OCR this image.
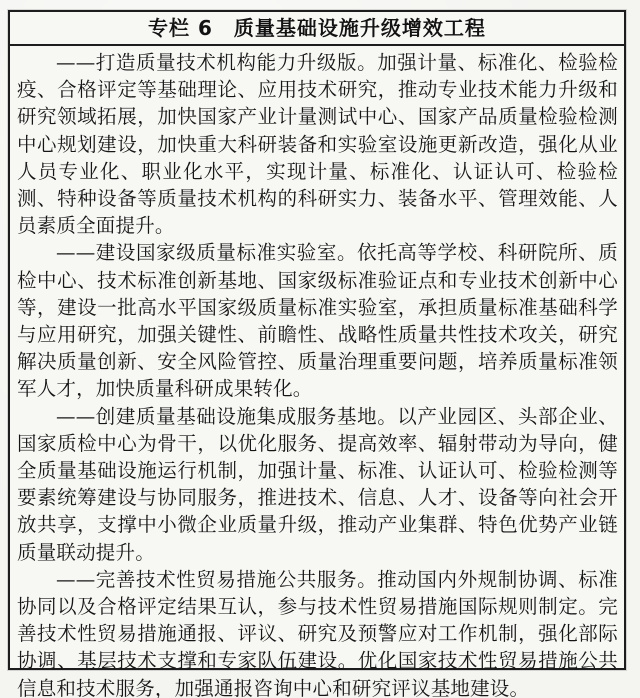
专栏 6　质量基础设施升级增效工程

——打造质量技术机构能力升级版。加强计量、标准化、检验检疫、合格评定等基础理论、应用技术研究，推动专业技术能力升级和研究领域拓展，加快国家产业计量测试中心、国家产品质量检验检测中心规划建设，加快重大科研装备和实验室设施更新改造，强化从业人员专业化、职业化水平，实现计量、标准化、认证认可、检验检测、特种设备等质量技术机构的科研实力、装备水平、管理效能、人员素质全面提升。

——建设国家级质量标准实验室。依托高等学校、科研院所、质检中心、技术标准创新基地、国家级标准验证点和专业技术创新中心等，建设一批高水平国家级质量标准实验室，承担质量标准基础科学与应用研究，加强关键性、前瞻性、战略性质量共性技术攻关，研究解决质量创新、安全风险管控、质量治理重要问题，培养质量标准领军人才，加快质量科研成果转化。

——创建质量基础设施集成服务基地。以产业园区、头部企业、国家质检中心为骨干，以优化服务、提高效率、辐射带动为导向，健全质量基础设施运行机制，加强计量、标准、认证认可、检验检测等要素统筹建设与协同服务，推进技术、信息、人才、设备等向社会开放共享，支撑中小微企业质量升级，推动产业集群、特色优势产业链质量联动提升。

——完善技术性贸易措施公共服务。推动国内外规制协调、标准协同以及合格评定结果互认，参与技术性贸易措施国际规则制定。完善技术性贸易措施通报、评议、研究及预警应对工作机制，强化部际协调、基层技术支撑和专家队伍建设。优化国家技术性贸易措施公共信息和技术服务，加强通报咨询中心和研究评议基地建设。
